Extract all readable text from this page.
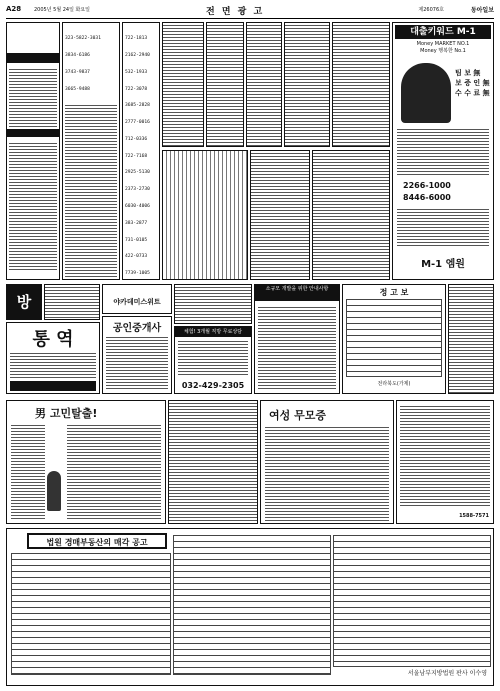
A28	2005년 5월 24일 화요일	전 면 광 고	제26076호	동아일보

323-5822-3031

3834-6186

3743-9837

3665-9488

722-1813

2162-2940

532-1933

722-3078

3685-2828

2777-0016

712-0336

722-7168

2925-5130

2373-2730

6030-4006

383-2877

731-0105

422-0733

7739-1005

대출키워드 M-1
Money MARKET NO.1
Money 행복한 No.1
팀 보 無
보 증 인 無
수 수 료 無
2266-1000
8446-6000
M-1 엠원
방
통 역
야카데미스위트
공인중개사	체험! 3개월 직방 무료상담
032-429-2305
소규모 개발을 위한 안내사항	정 고 보
전라북도(가제)
男 고민탈출!	여성 무모증
1588-7571
법원 경매부동산의 매각 공고
서울남부지방법원 판사 이수영
